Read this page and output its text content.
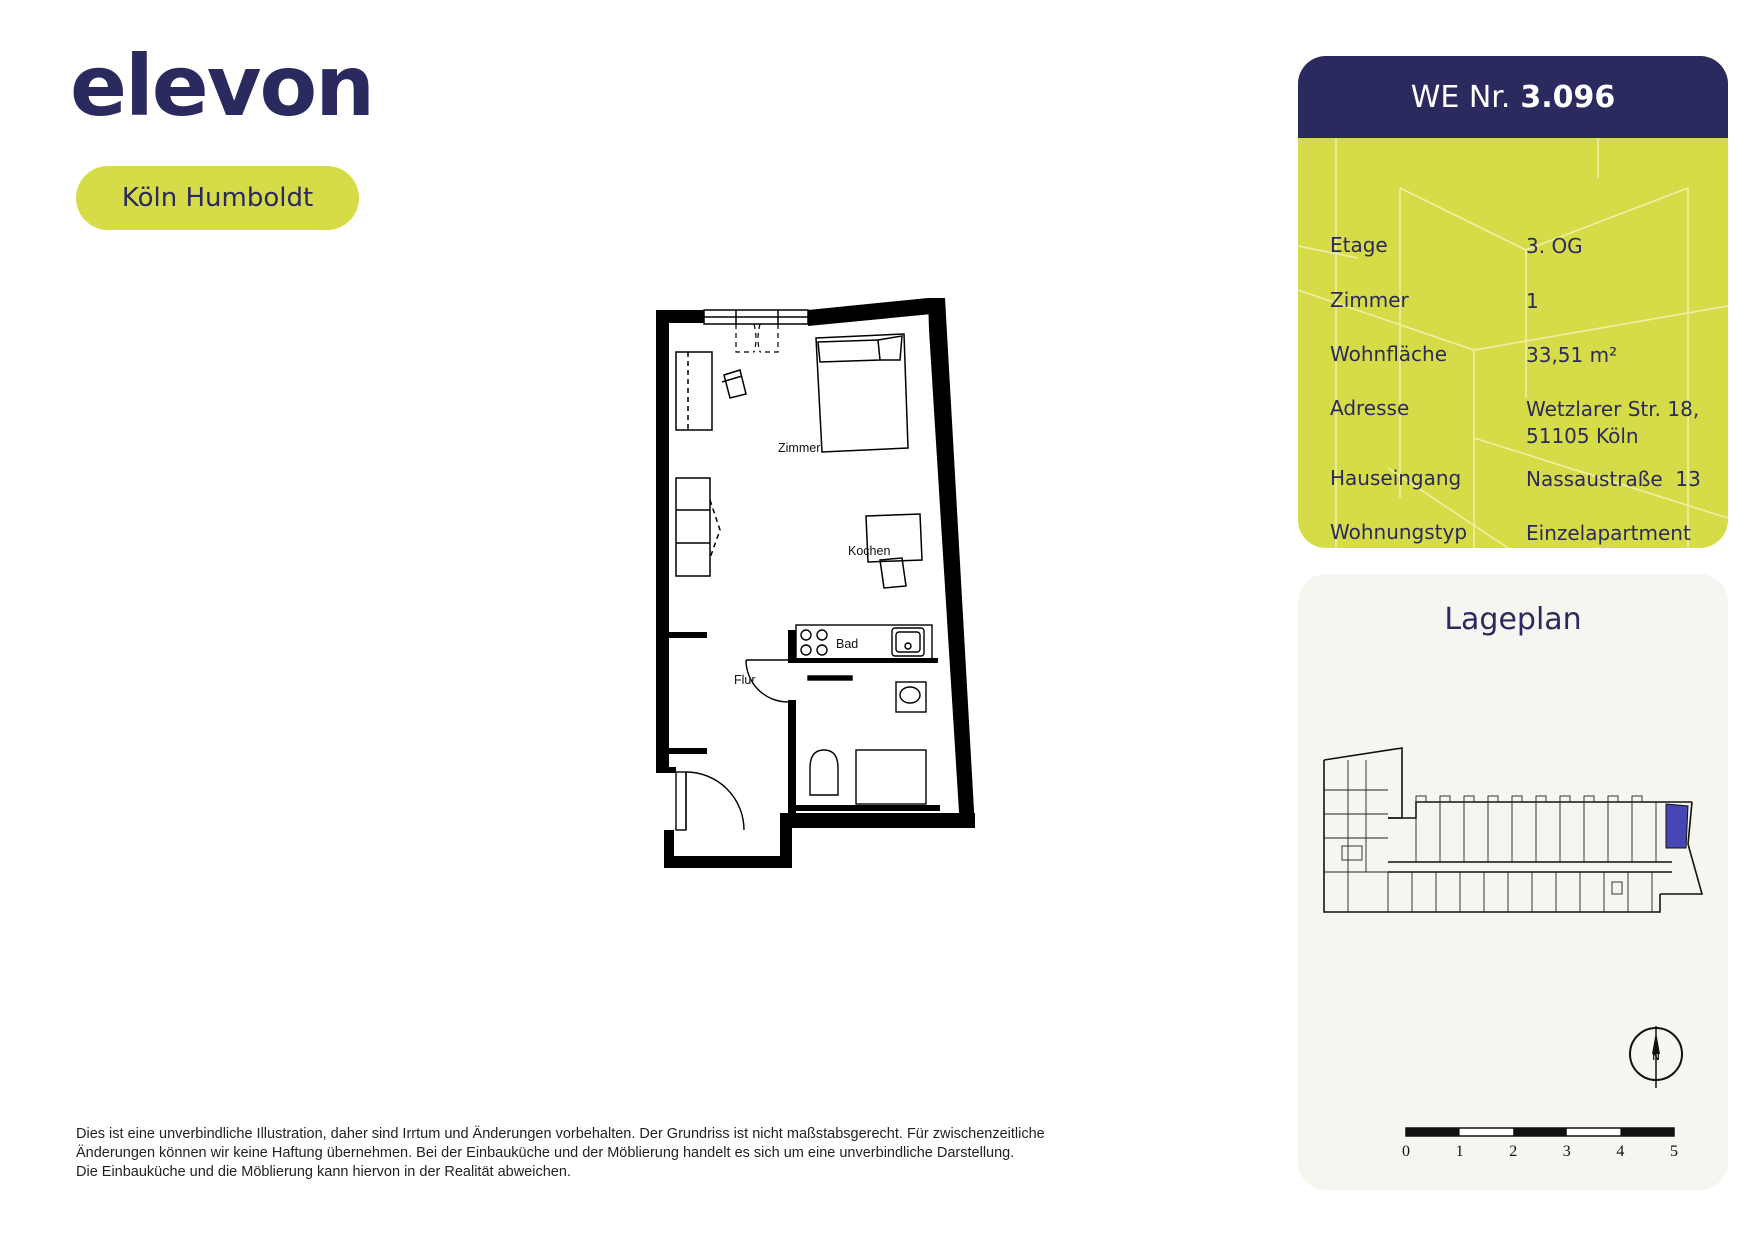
elevon
Köln Humboldt
Zimmer
Kochen
Bad
Flur
WE Nr. 3.096
Etage	3. OG
Zimmer	1
Wohnfläche	33,51 m²
Adresse	Wetzlarer Str. 18,
51105 Köln
Hauseingang	Nassaustraße  13
Wohnungstyp	Einzelapartment
Lageplan
N
0	1	2	3	4	5

Dies ist eine unverbindliche Illustration, daher sind Irrtum und Änderungen vorbehalten. Der Grundriss ist nicht maßstabsgerecht. Für zwischenzeitliche
Änderungen können wir keine Haftung übernehmen. Bei der Einbauküche und der Möblierung handelt es sich um eine unverbindliche Darstellung.
Die Einbauküche und die Möblierung kann hiervon in der Realität abweichen.
